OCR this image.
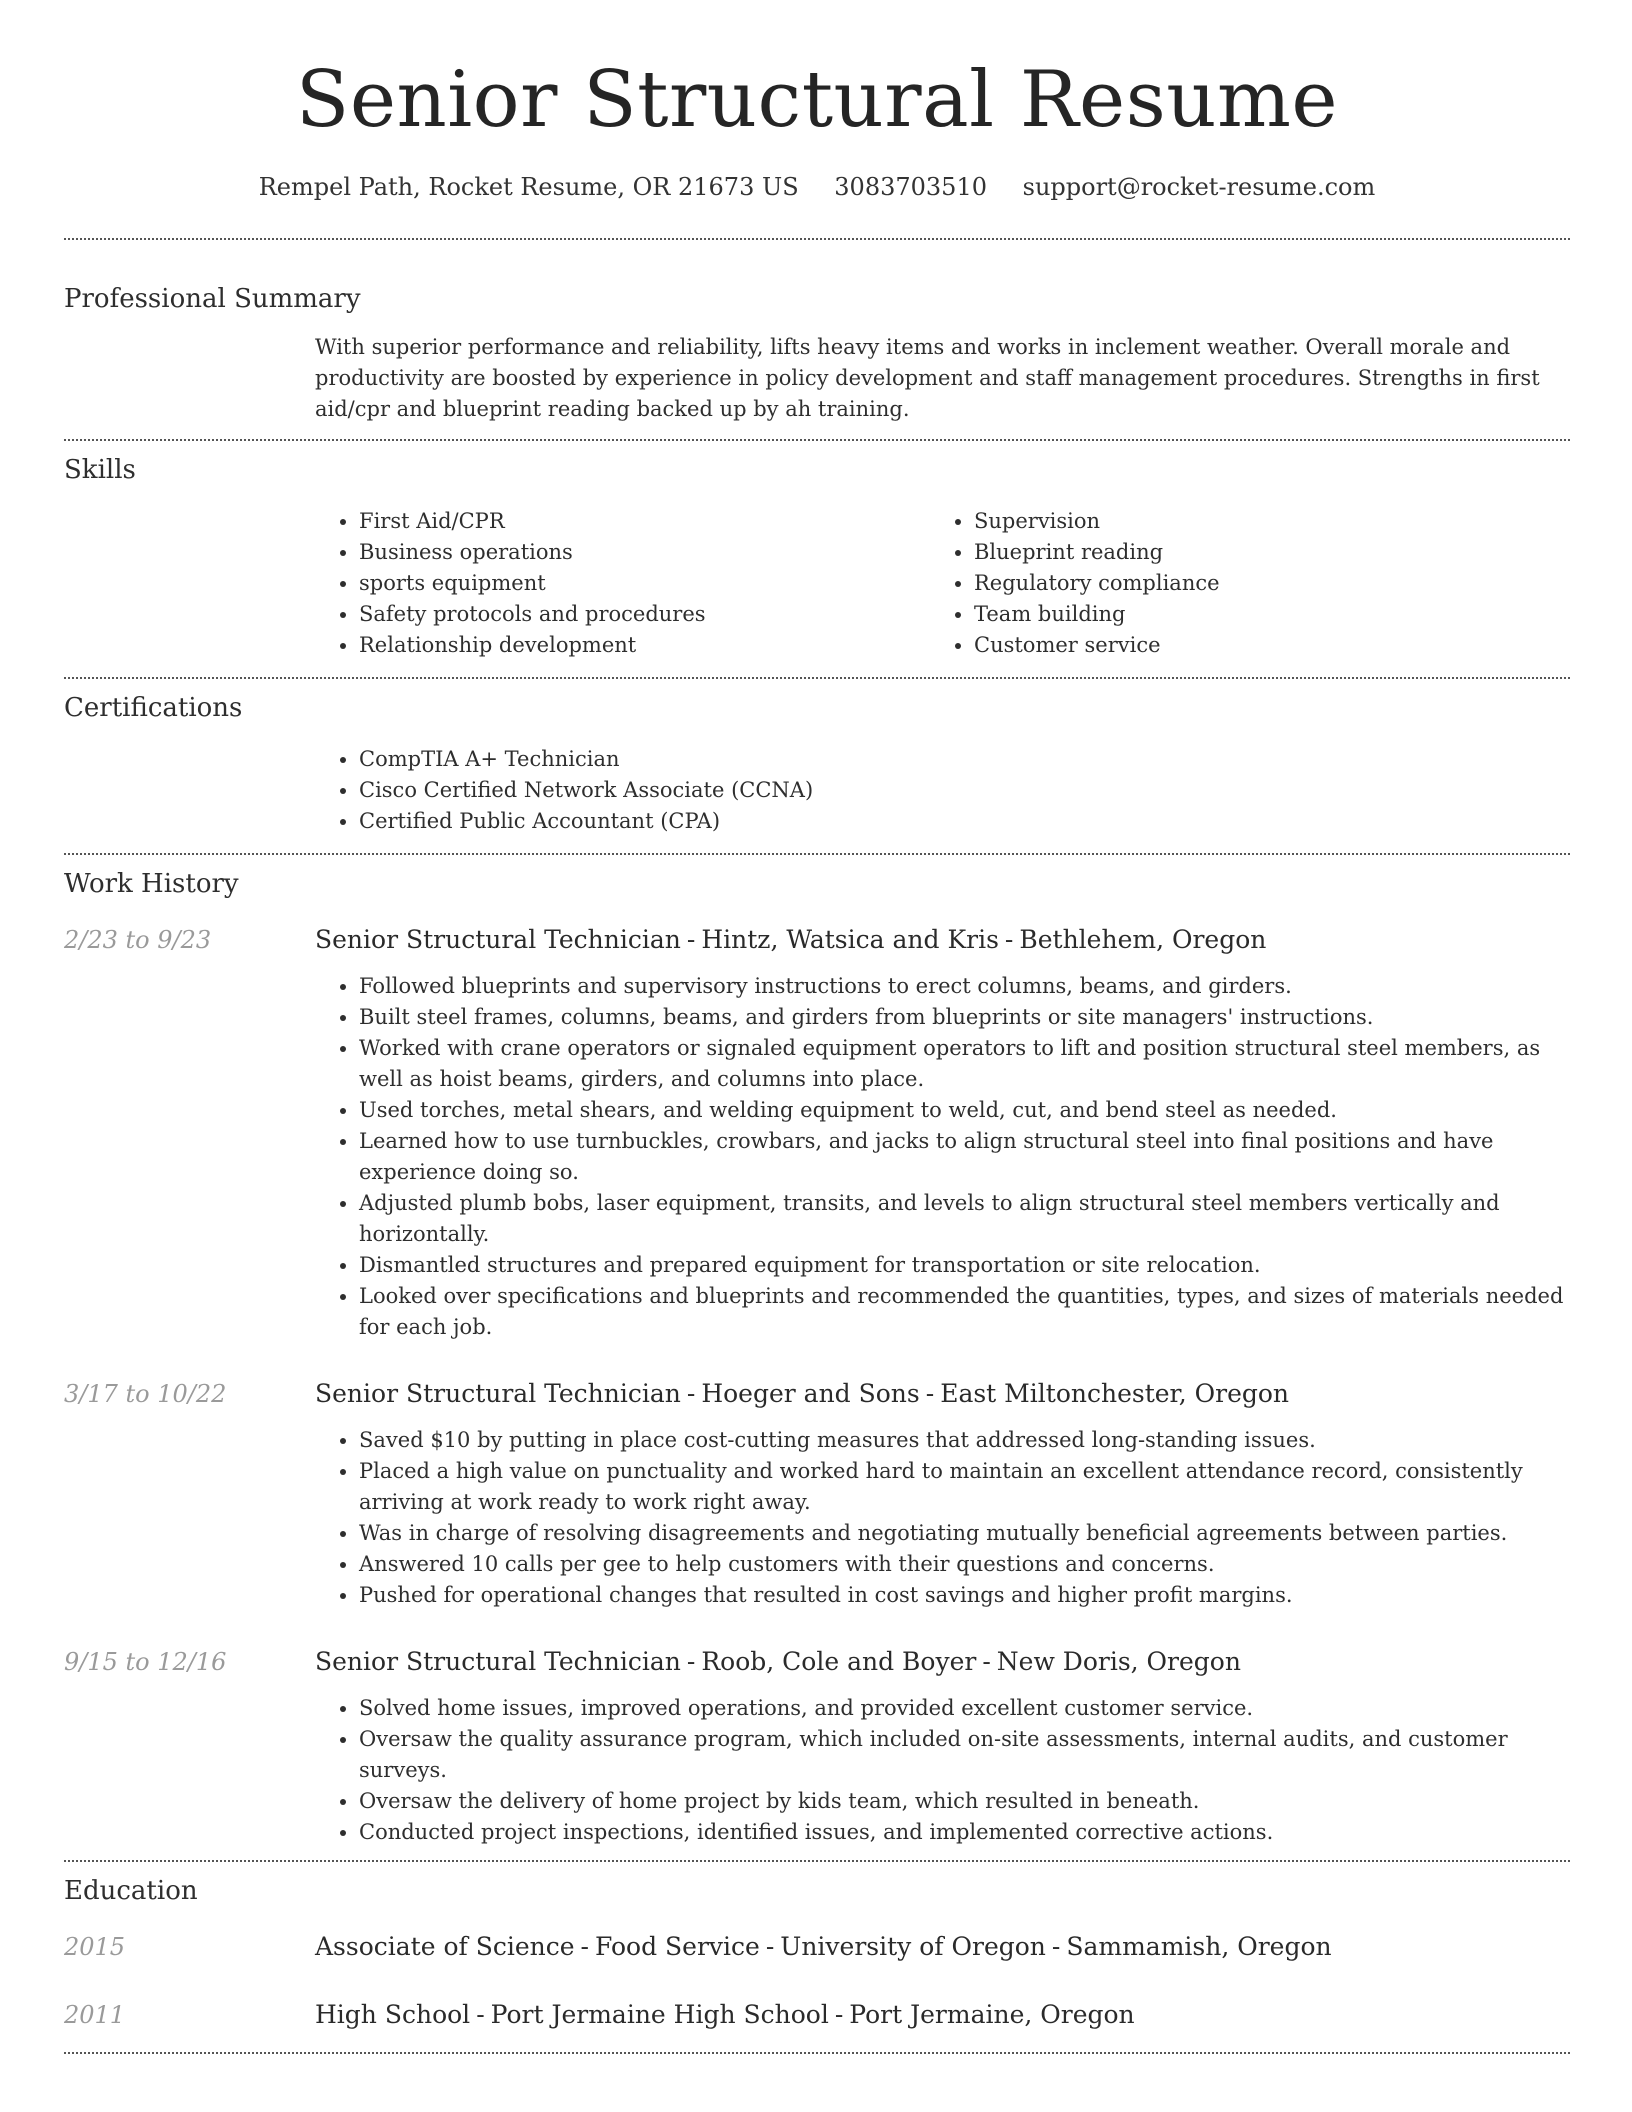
Senior Structural Resume
Rempel Path, Rocket Resume, OR 21673 US 3083703510 support@rocket-resume.com
Professional Summary
With superior performance and reliability, lifts heavy items and works in inclement weather. Overall morale and productivity are boosted by experience in policy development and staff management procedures. Strengths in first aid/cpr and blueprint reading backed up by ah training.
Skills
• First Aid/CPR
• Business operations
• sports equipment
• Safety protocols and procedures
• Relationship development
• Supervision
• Blueprint reading
• Regulatory compliance
• Team building
• Customer service
Certifications
• CompTIA A+ Technician
• Cisco Certified Network Associate (CCNA)
• Certified Public Accountant (CPA)
Work History
2/23 to 9/23	Senior Structural Technician - Hintz, Watsica and Kris - Bethlehem, Oregon
• Followed blueprints and supervisory instructions to erect columns, beams, and girders.
• Built steel frames, columns, beams, and girders from blueprints or site managers' instructions.
• Worked with crane operators or signaled equipment operators to lift and position structural steel members, as well as hoist beams, girders, and columns into place.
• Used torches, metal shears, and welding equipment to weld, cut, and bend steel as needed.
• Learned how to use turnbuckles, crowbars, and jacks to align structural steel into final positions and have experience doing so.
• Adjusted plumb bobs, laser equipment, transits, and levels to align structural steel members vertically and horizontally.
• Dismantled structures and prepared equipment for transportation or site relocation.
• Looked over specifications and blueprints and recommended the quantities, types, and sizes of materials needed for each job.
3/17 to 10/22	Senior Structural Technician - Hoeger and Sons - East Miltonchester, Oregon
• Saved $10 by putting in place cost-cutting measures that addressed long-standing issues.
• Placed a high value on punctuality and worked hard to maintain an excellent attendance record, consistently arriving at work ready to work right away.
• Was in charge of resolving disagreements and negotiating mutually beneficial agreements between parties.
• Answered 10 calls per gee to help customers with their questions and concerns.
• Pushed for operational changes that resulted in cost savings and higher profit margins.
9/15 to 12/16	Senior Structural Technician - Roob, Cole and Boyer - New Doris, Oregon
• Solved home issues, improved operations, and provided excellent customer service.
• Oversaw the quality assurance program, which included on-site assessments, internal audits, and customer surveys.
• Oversaw the delivery of home project by kids team, which resulted in beneath.
• Conducted project inspections, identified issues, and implemented corrective actions.
Education
2015	Associate of Science - Food Service - University of Oregon - Sammamish, Oregon
2011	High School - Port Jermaine High School - Port Jermaine, Oregon
